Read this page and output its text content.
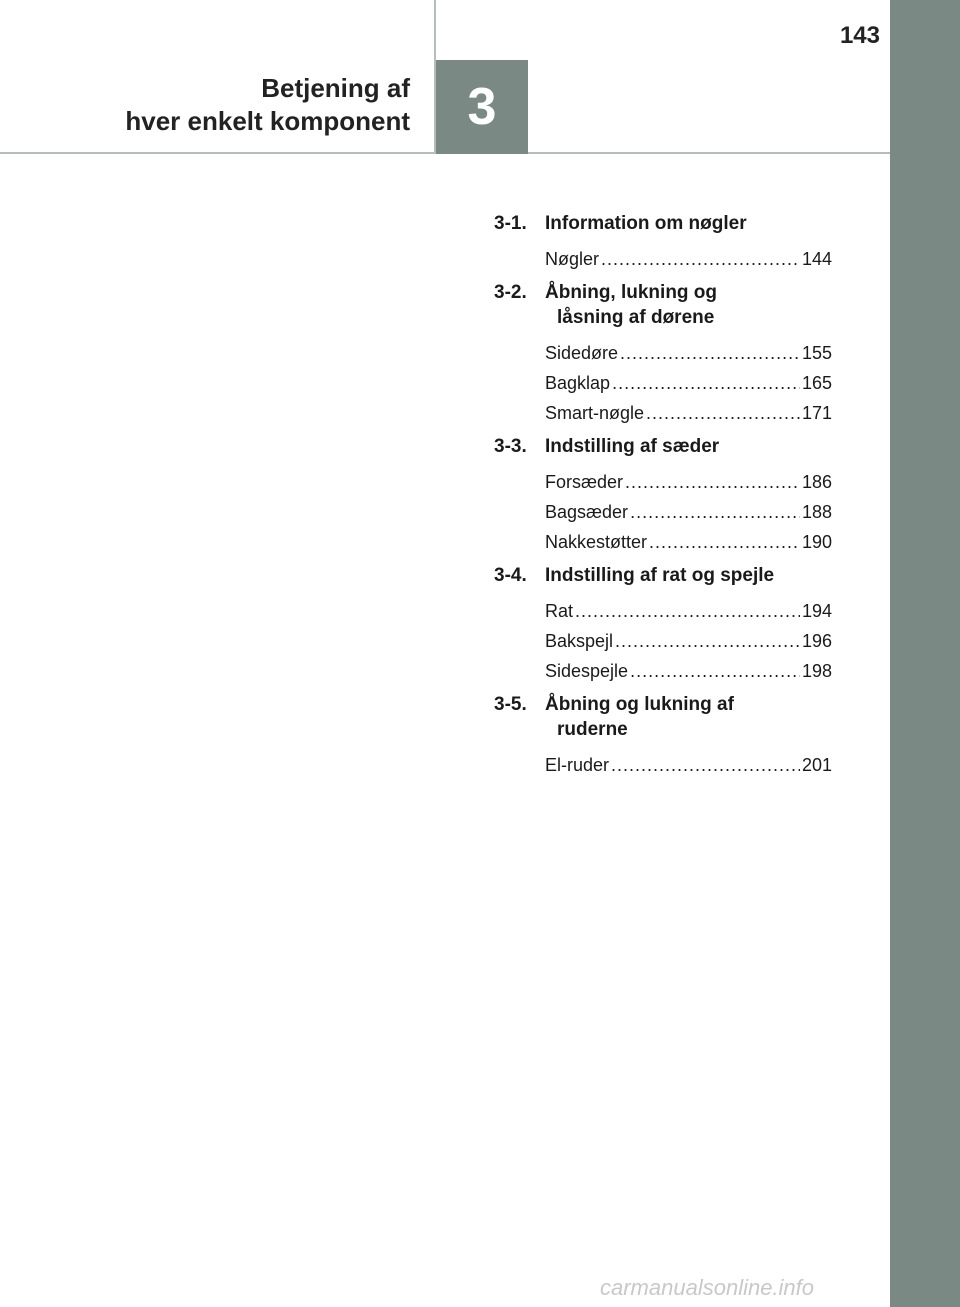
143
Betjening af
hver enkelt komponent 3
3-1. Information om nøgler
Nøgler .....	144
3-2. Åbning, lukning og
låsning af dørene
Sidedøre .....	155
Bagklap .....	165
Smart-nøgle .....	171
3-3. Indstilling af sæder
Forsæder .....	186
Bagsæder .....	188
Nakkestøtter .....	190
3-4. Indstilling af rat og spejle
Rat .....	194
Bakspejl .....	196
Sidespejle .....	198
3-5. Åbning og lukning af
ruderne
El-ruder .....	201
carmanualsonline.info
